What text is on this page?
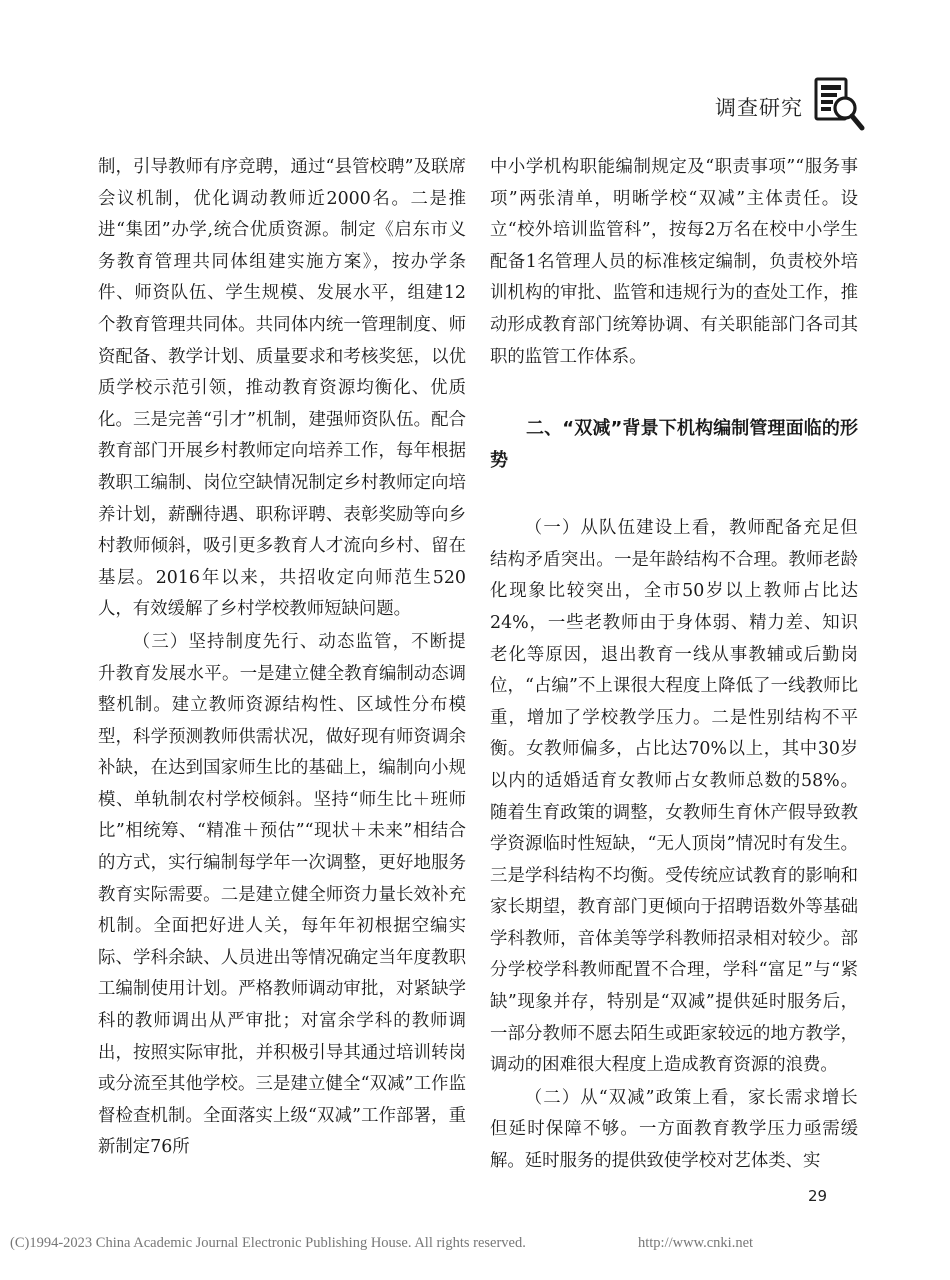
调查研究

制，引导教师有序竞聘，通过“县管校聘”及联席会议机制，优化调动教师近2000名。二是推进“集团”办学,统合优质资源。制定《启东市义务教育管理共同体组建实施方案》，按办学条件、师资队伍、学生规模、发展水平，组建12个教育管理共同体。共同体内统一管理制度、师资配备、教学计划、质量要求和考核奖惩，以优质学校示范引领，推动教育资源均衡化、优质化。三是完善“引才”机制，建强师资队伍。配合教育部门开展乡村教师定向培养工作，每年根据教职工编制、岗位空缺情况制定乡村教师定向培养计划，薪酬待遇、职称评聘、表彰奖励等向乡村教师倾斜，吸引更多教育人才流向乡村、留在基层。2016年以来，共招收定向师范生520人，有效缓解了乡村学校教师短缺问题。

（三）坚持制度先行、动态监管，不断提升教育发展水平。一是建立健全教育编制动态调整机制。建立教师资源结构性、区域性分布模型，科学预测教师供需状况，做好现有师资调余补缺，在达到国家师生比的基础上，编制向小规模、单轨制农村学校倾斜。坚持“师生比＋班师比”相统筹、“精准＋预估”“现状＋未来”相结合的方式，实行编制每学年一次调整，更好地服务教育实际需要。二是建立健全师资力量长效补充机制。全面把好进人关，每年年初根据空编实际、学科余缺、人员进出等情况确定当年度教职工编制使用计划。严格教师调动审批，对紧缺学科的教师调出从严审批；对富余学科的教师调出，按照实际审批，并积极引导其通过培训转岗或分流至其他学校。三是建立健全“双减”工作监督检查机制。全面落实上级“双减”工作部署，重新制定76所

中小学机构职能编制规定及“职责事项”“服务事项”两张清单，明晰学校“双减”主体责任。设立“校外培训监管科”，按每2万名在校中小学生配备1名管理人员的标准核定编制，负责校外培训机构的审批、监管和违规行为的查处工作，推动形成教育部门统筹协调、有关职能部门各司其职的监管工作体系。

二、“双减”背景下机构编制管理面临的形势

（一）从队伍建设上看，教师配备充足但结构矛盾突出。一是年龄结构不合理。教师老龄化现象比较突出，全市50岁以上教师占比达24%，一些老教师由于身体弱、精力差、知识老化等原因，退出教育一线从事教辅或后勤岗位，“占编”不上课很大程度上降低了一线教师比重，增加了学校教学压力。二是性别结构不平衡。女教师偏多，占比达70%以上，其中30岁以内的适婚适育女教师占女教师总数的58%。随着生育政策的调整，女教师生育休产假导致教学资源临时性短缺，“无人顶岗”情况时有发生。三是学科结构不均衡。受传统应试教育的影响和家长期望，教育部门更倾向于招聘语数外等基础学科教师，音体美等学科教师招录相对较少。部分学校学科教师配置不合理，学科“富足”与“紧缺”现象并存，特别是“双减”提供延时服务后，一部分教师不愿去陌生或距家较远的地方教学，调动的困难很大程度上造成教育资源的浪费。

（二）从“双减”政策上看，家长需求增长但延时保障不够。一方面教育教学压力亟需缓解。延时服务的提供致使学校对艺体类、实

29
(C)1994-2023 China Academic Journal Electronic Publishing House. All rights reserved.	http://www.cnki.net
